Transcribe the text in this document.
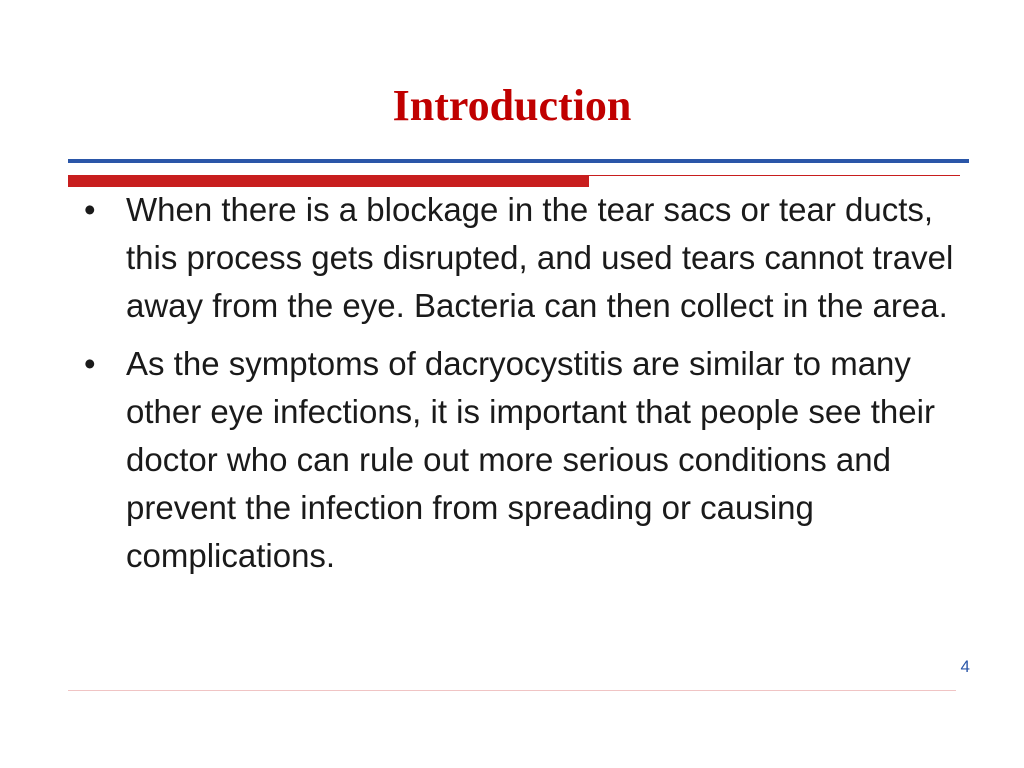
Introduction
• When there is a blockage in the tear sacs or tear ducts, this process gets disrupted, and used tears cannot travel away from the eye. Bacteria can then collect in the area.
• As the symptoms of dacryocystitis are similar to many other eye infections, it is important that people see their doctor who can rule out more serious conditions and prevent the infection from spreading or causing complications.
4
